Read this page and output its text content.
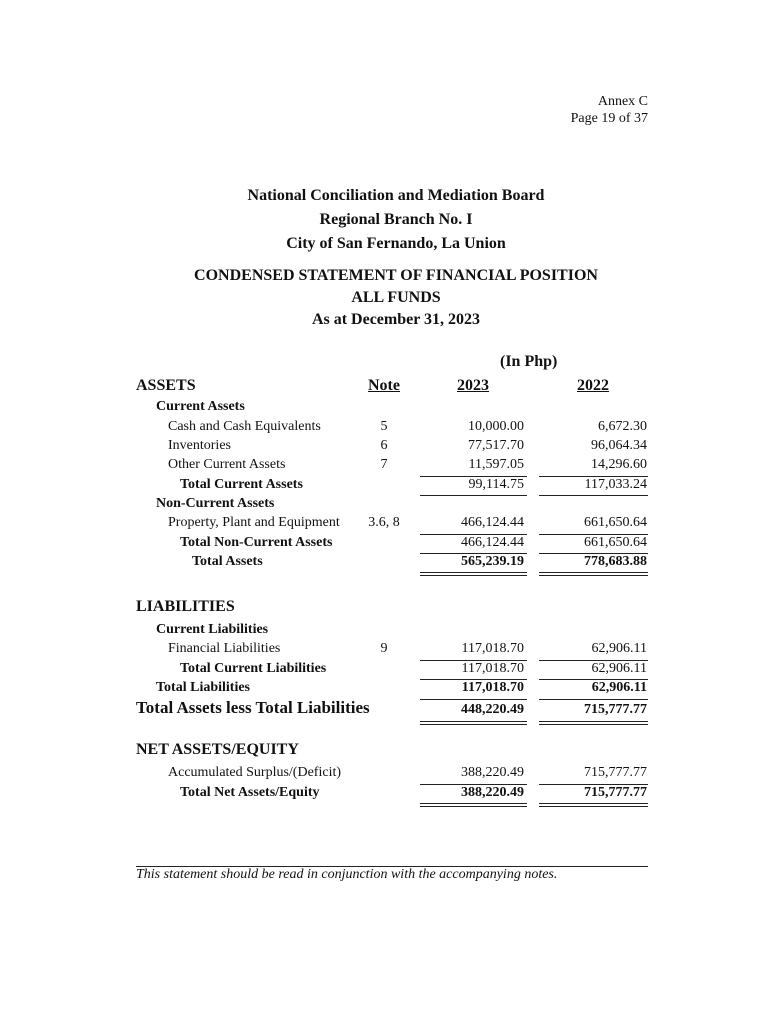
Annex C
Page 19 of 37
National Conciliation and Mediation Board
Regional Branch No. I
City of San Fernando, La Union
CONDENSED STATEMENT OF FINANCIAL POSITION
ALL FUNDS
As at December 31, 2023
(In Php)
ASSETS	Note	2023	2022
Current Assets
Cash and Cash Equivalents	5	10,000.00	6,672.30
Inventories	6	77,517.70	96,064.34
Other Current Assets	7	11,597.05	14,296.60
Total Current Assets	99,114.75	117,033.24
Non-Current Assets
Property, Plant and Equipment	3.6, 8	466,124.44	661,650.64
Total Non-Current Assets	466,124.44	661,650.64
Total Assets	565,239.19	778,683.88
LIABILITIES
Current Liabilities
Financial Liabilities	9	117,018.70	62,906.11
Total Current Liabilities	117,018.70	62,906.11
Total Liabilities	117,018.70	62,906.11
Total Assets less Total Liabilities	448,220.49	715,777.77
NET ASSETS/EQUITY
Accumulated Surplus/(Deficit)	388,220.49	715,777.77
Total Net Assets/Equity	388,220.49	715,777.77
This statement should be read in conjunction with the accompanying notes.
